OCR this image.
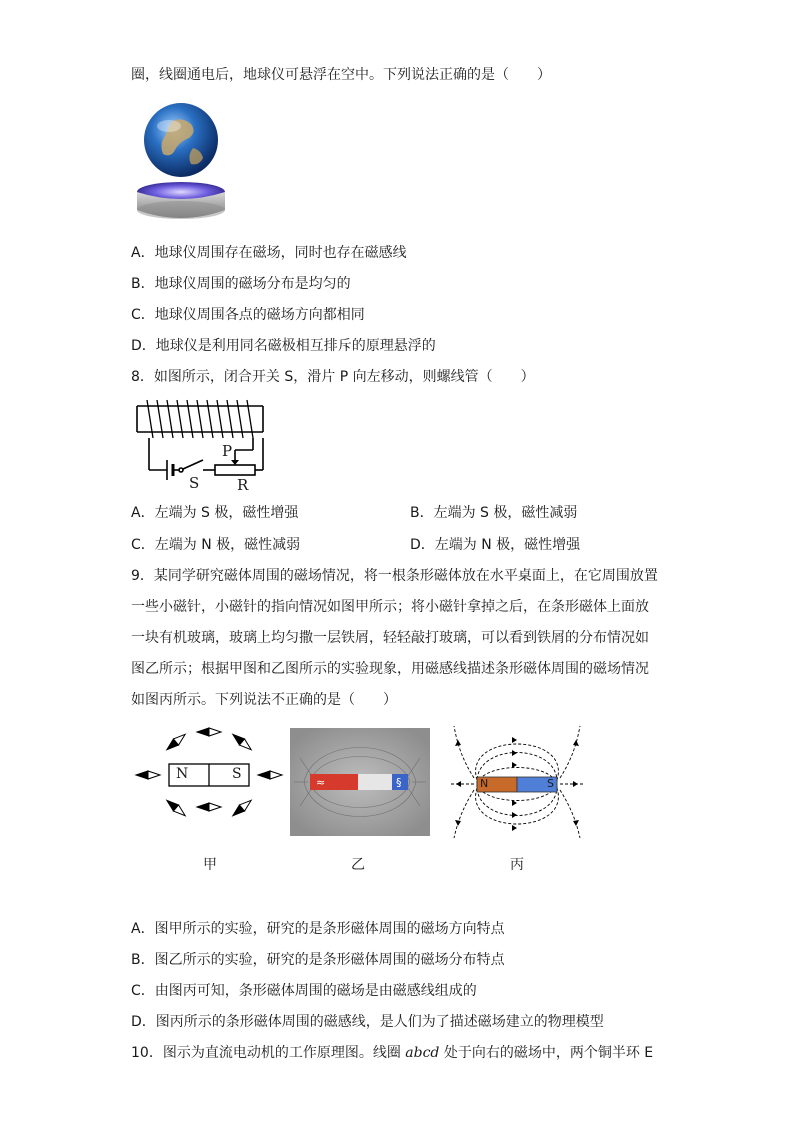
圈，线圈通电后，地球仪可悬浮在空中。下列说法正确的是（　　）
A．地球仪周围存在磁场，同时也存在磁感线
B．地球仪周围的磁场分布是均匀的
C．地球仪周围各点的磁场方向都相同
D．地球仪是利用同名磁极相互排斥的原理悬浮的
8．如图所示，闭合开关 S，滑片 P 向左移动，则螺线管（　　）
P
S	R
A．左端为 S 极，磁性增强	B．左端为 S 极，磁性减弱
C．左端为 N 极，磁性减弱	D．左端为 N 极，磁性增强
9．某同学研究磁体周围的磁场情况，将一根条形磁体放在水平桌面上，在它周围放置
一些小磁针，小磁针的指向情况如图甲所示；将小磁针拿掉之后，在条形磁体上面放
一块有机玻璃，玻璃上均匀撒一层铁屑，轻轻敲打玻璃，可以看到铁屑的分布情况如
图乙所示；根据甲图和乙图所示的实验现象，用磁感线描述条形磁体周围的磁场情况
如图丙所示。下列说法不正确的是（　　）
N	S
≈	§	N	S
甲	乙	丙
A．图甲所示的实验，研究的是条形磁体周围的磁场方向特点
B．图乙所示的实验，研究的是条形磁体周围的磁场分布特点
C．由图丙可知，条形磁体周围的磁场是由磁感线组成的
D．图丙所示的条形磁体周围的磁感线，是人们为了描述磁场建立的物理模型
10．图示为直流电动机的工作原理图。线圈 abcd 处于向右的磁场中，两个铜半环 E
